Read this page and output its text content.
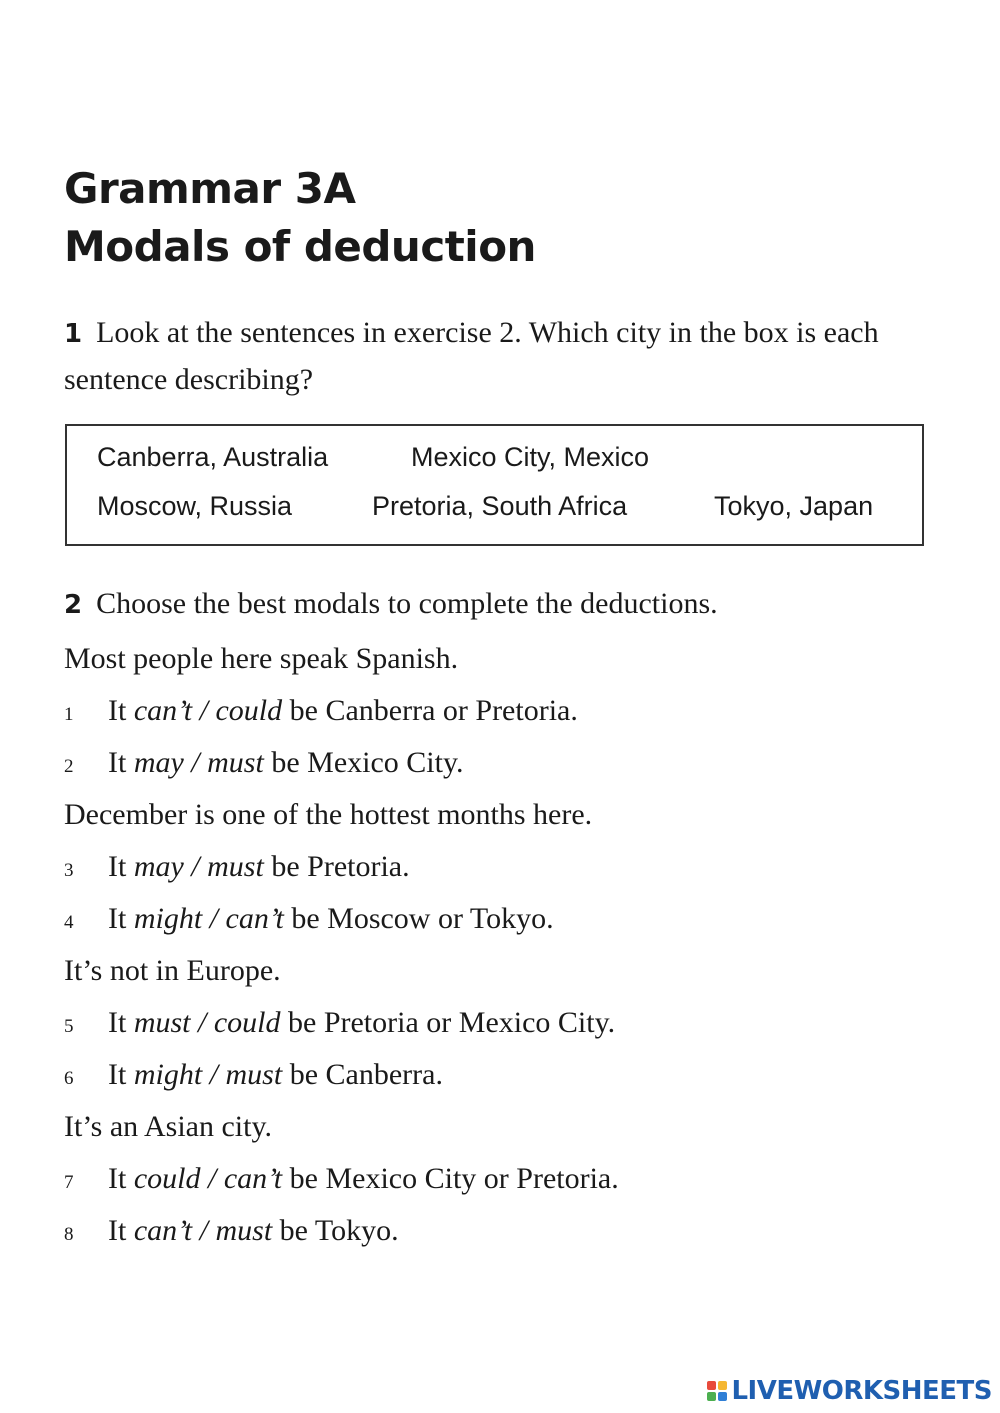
Grammar 3A
Modals of deduction
1 Look at the sentences in exercise 2. Which city in the box is each sentence describing?
Canberra, Australia	Mexico City, Mexico
Moscow, Russia	Pretoria, South Africa	Tokyo, Japan
2 Choose the best modals to complete the deductions.
Most people here speak Spanish.
1 It can’t / could be Canberra or Pretoria.
2 It may / must be Mexico City.
December is one of the hottest months here.
3 It may / must be Pretoria.
4 It might / can’t be Moscow or Tokyo.
It’s not in Europe.
5 It must / could be Pretoria or Mexico City.
6 It might / must be Canberra.
It’s an Asian city.
7 It could / can’t be Mexico City or Pretoria.
8 It can’t / must be Tokyo.
LIVEWORKSHEETS
